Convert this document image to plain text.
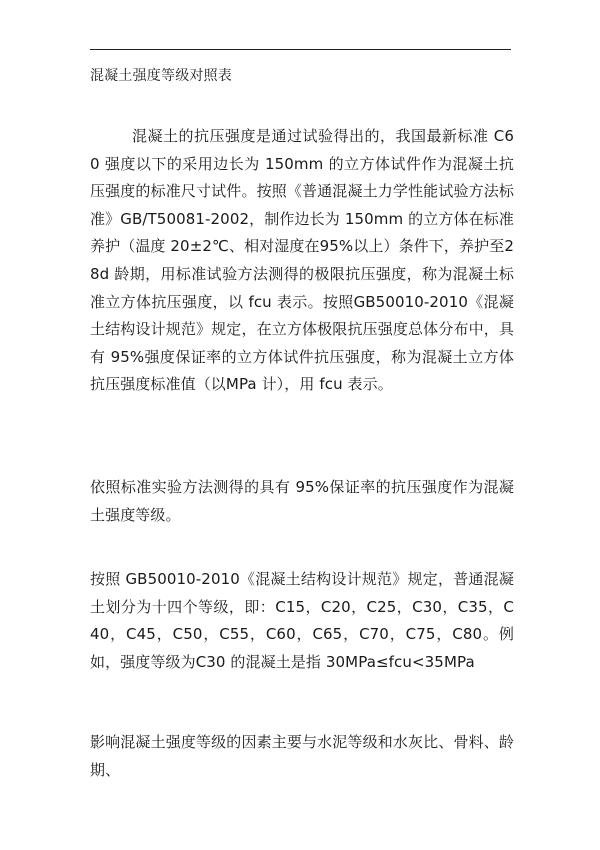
混凝土强度等级对照表

混凝土的抗压强度是通过试验得出的，我国最新标准 C60 强度以下的采用边长为 150mm 的立方体试件作为混凝土抗压强度的标准尺寸试件。按照《普通混凝土力学性能试验方法标准》GB/T50081-2002，制作边长为 150mm 的立方体在标准养护（温度 20±2℃、相对湿度在95%以上）条件下，养护至28d 龄期，用标准试验方法测得的极限抗压强度，称为混凝土标准立方体抗压强度，以 fcu 表示。按照GB50010-2010《混凝土结构设计规范》规定，在立方体极限抗压强度总体分布中，具有 95%强度保证率的立方体试件抗压强度，称为混凝土立方体抗压强度标准值（以MPa 计），用 fcu 表示。

依照标准实验方法测得的具有 95%保证率的抗压强度作为混凝土强度等级。

按照 GB50010-2010《混凝土结构设计规范》规定，普通混凝土划分为十四个等级，即：C15，C20，C25，C30，C35，C40，C45，C50，C55，C60，C65，C70，C75，C80。例如，强度等级为C30 的混凝土是指 30MPa≤fcu<35MPa

影响混凝土强度等级的因素主要与水泥等级和水灰比、骨料、龄期、
